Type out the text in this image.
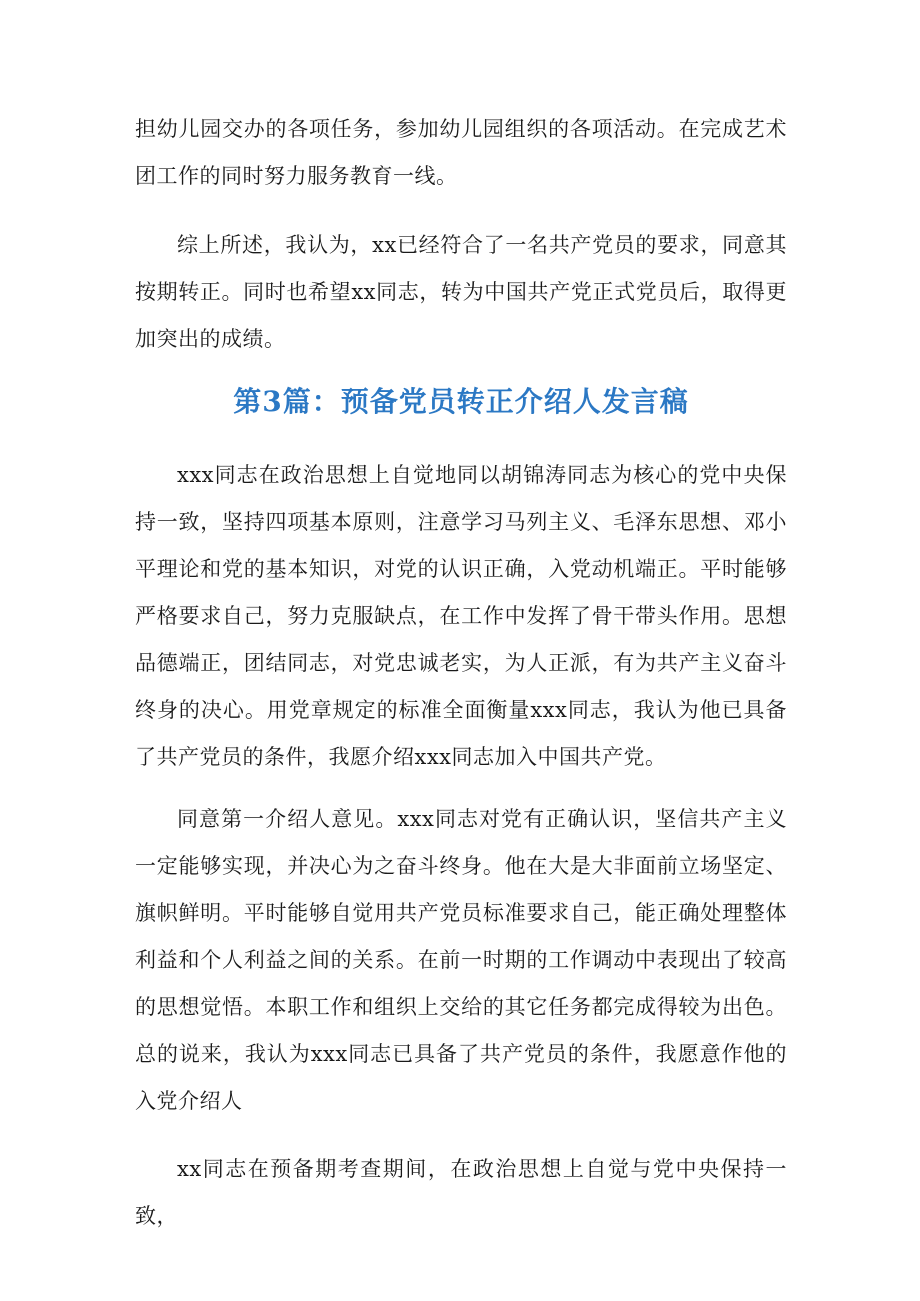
担幼儿园交办的各项任务，参加幼儿园组织的各项活动。在完成艺术团工作的同时努力服务教育一线。

综上所述，我认为，xx已经符合了一名共产党员的要求，同意其按期转正。同时也希望xx同志，转为中国共产党正式党员后，取得更加突出的成绩。

第3篇：预备党员转正介绍人发言稿

xxx同志在政治思想上自觉地同以胡锦涛同志为核心的党中央保持一致，坚持四项基本原则，注意学习马列主义、毛泽东思想、邓小平理论和党的基本知识，对党的认识正确，入党动机端正。平时能够严格要求自己，努力克服缺点，在工作中发挥了骨干带头作用。思想品德端正，团结同志，对党忠诚老实，为人正派，有为共产主义奋斗终身的决心。用党章规定的标准全面衡量xxx同志，我认为他已具备了共产党员的条件，我愿介绍xxx同志加入中国共产党。

同意第一介绍人意见。xxx同志对党有正确认识，坚信共产主义一定能够实现，并决心为之奋斗终身。他在大是大非面前立场坚定、旗帜鲜明。平时能够自觉用共产党员标准要求自己，能正确处理整体利益和个人利益之间的关系。在前一时期的工作调动中表现出了较高的思想觉悟。本职工作和组织上交给的其它任务都完成得较为出色。总的说来，我认为xxx同志已具备了共产党员的条件，我愿意作他的入党介绍人

xx同志在预备期考查期间，在政治思想上自觉与党中央保持一致，
